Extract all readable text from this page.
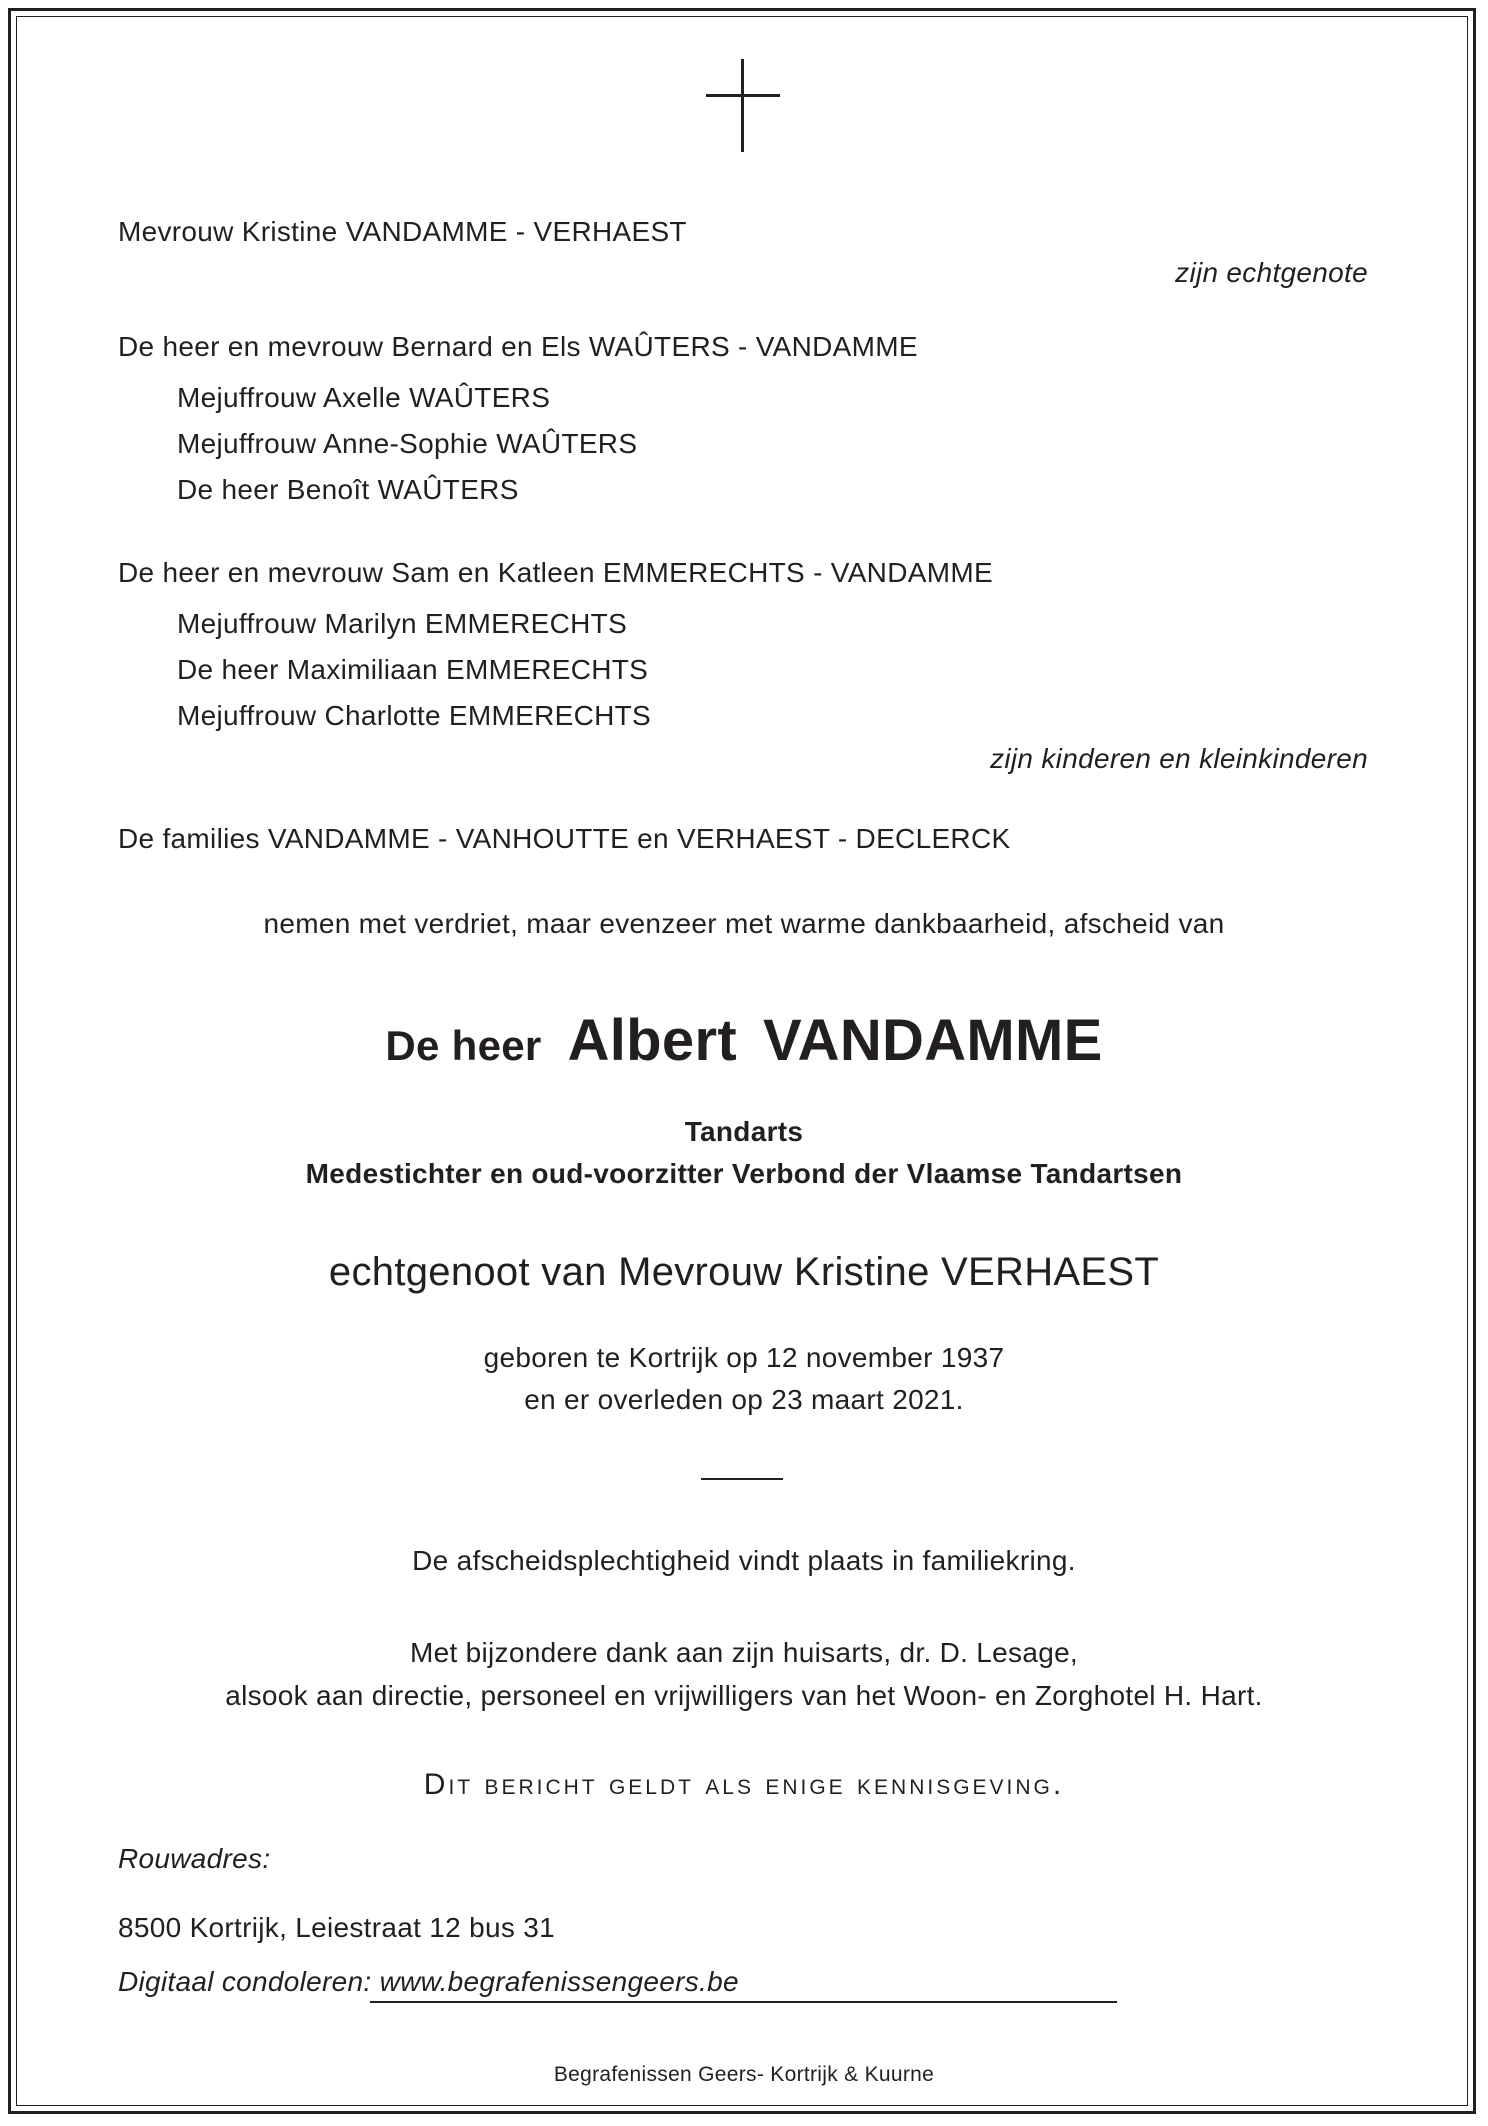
Mevrouw Kristine VANDAMME - VERHAEST
zijn echtgenote
De heer en mevrouw Bernard en Els WAÛTERS - VANDAMME
Mejuffrouw Axelle WAÛTERS
Mejuffrouw Anne-Sophie WAÛTERS
De heer Benoît WAÛTERS
De heer en mevrouw Sam en Katleen EMMERECHTS - VANDAMME
Mejuffrouw Marilyn EMMERECHTS
De heer Maximiliaan EMMERECHTS
Mejuffrouw Charlotte EMMERECHTS
zijn kinderen en kleinkinderen
De families VANDAMME - VANHOUTTE en VERHAEST - DECLERCK
nemen met verdriet, maar evenzeer met warme dankbaarheid, afscheid van
De heer Albert VANDAMME
Tandarts
Medestichter en oud-voorzitter Verbond der Vlaamse Tandartsen
echtgenoot van Mevrouw Kristine VERHAEST
geboren te Kortrijk op 12 november 1937
en er overleden op 23 maart 2021.
De afscheidsplechtigheid vindt plaats in familiekring.
Met bijzondere dank aan zijn huisarts, dr. D. Lesage,
alsook aan directie, personeel en vrijwilligers van het Woon- en Zorghotel H. Hart.
Dit bericht geldt als enige kennisgeving.
Rouwadres:
8500 Kortrijk, Leiestraat 12 bus 31
Digitaal condoleren: www.begrafenissengeers.be
Begrafenissen Geers- Kortrijk & Kuurne
